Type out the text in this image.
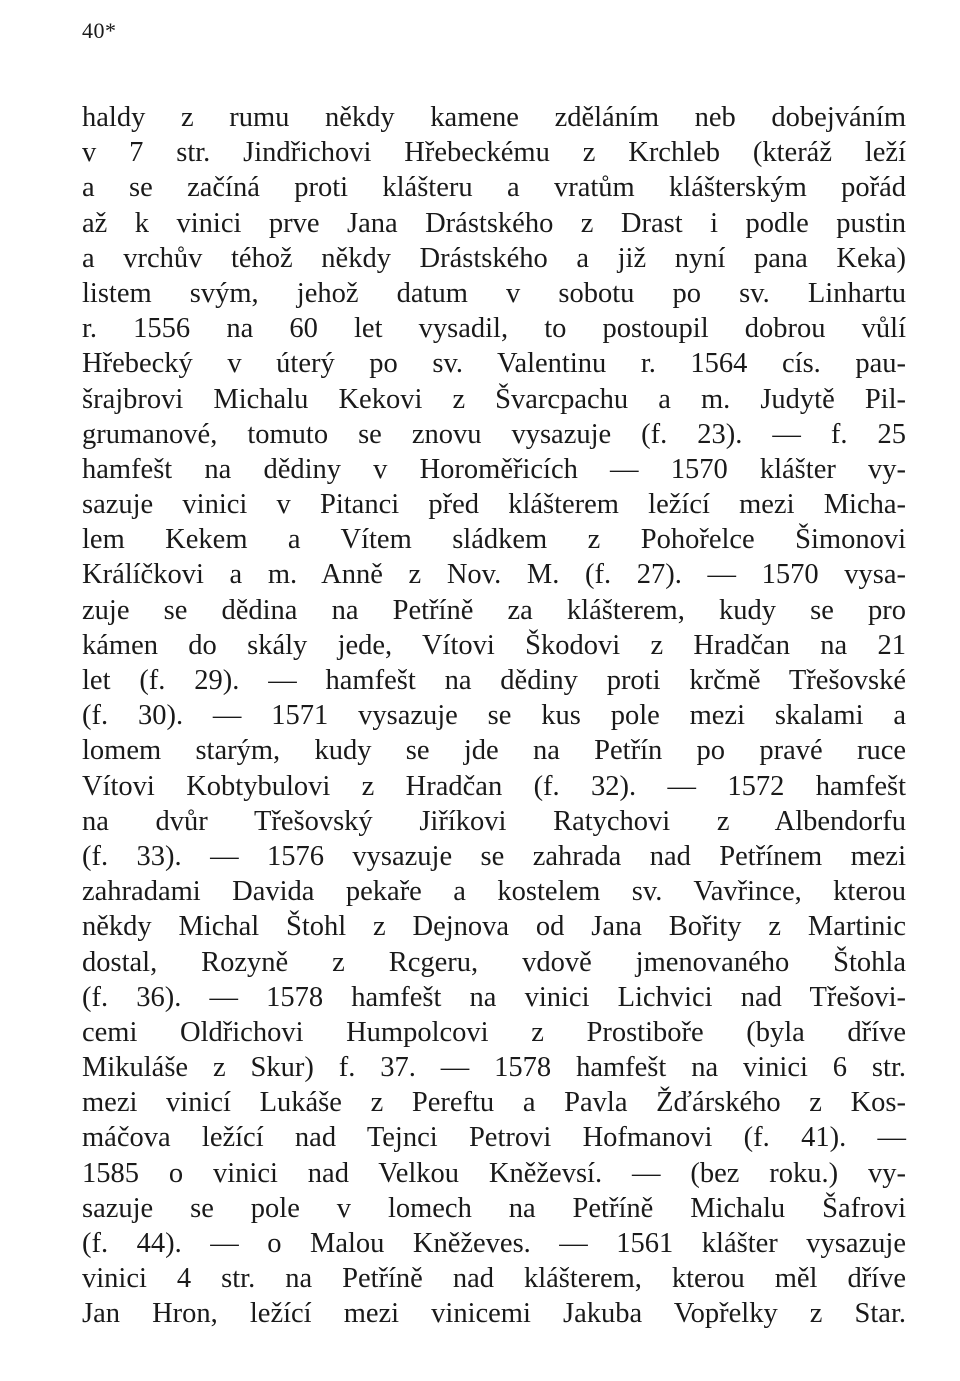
40*
haldy z rumu někdy kamene zděláním neb dobejváním
v 7 str. Jindřichovi Hřebeckému z Krchleb (kteráž leží
a se začíná proti klášteru a vratům klášterským pořád
až k vinici prve Jana Drástského z Drast i podle pustin
a vrchův téhož někdy Drástského a již nyní pana Keka)
listem svým, jehož datum v sobotu po sv. Linhartu
r. 1556 na 60 let vysadil, to postoupil dobrou vůlí
Hřebecký v úterý po sv. Valentinu r. 1564 cís. pau-
šrajbrovi Michalu Kekovi z Švarcpachu a m. Judytě Pil-
grumanové, tomuto se znovu vysazuje (f. 23). — f. 25
hamfešt na dědiny v Horoměřicích — 1570 klášter vy-
sazuje vinici v Pitanci před klášterem ležící mezi Micha-
lem Kekem a Vítem sládkem z Pohořelce Šimonovi
Králíčkovi a m. Anně z Nov. M. (f. 27). — 1570 vysa-
zuje se dědina na Petříně za klášterem, kudy se pro
kámen do skály jede, Vítovi Škodovi z Hradčan na 21
let (f. 29). — hamfešt na dědiny proti krčmě Třešovské
(f. 30). — 1571 vysazuje se kus pole mezi skalami a
lomem starým, kudy se jde na Petřín po pravé ruce
Vítovi Kobtybulovi z Hradčan (f. 32). — 1572 hamfešt
na dvůr Třešovský Jiříkovi Ratychovi z Albendorfu
(f. 33). — 1576 vysazuje se zahrada nad Petřínem mezi
zahradami Davida pekaře a kostelem sv. Vavřince, kterou
někdy Michal Štohl z Dejnova od Jana Bořity z Martinic
dostal, Rozyně z Rcgeru, vdově jmenovaného Štohla
(f. 36). — 1578 hamfešt na vinici Lichvici nad Třešovi-
cemi Oldřichovi Humpolcovi z Prostiboře (byla dříve
Mikuláše z Skur) f. 37. — 1578 hamfešt na vinici 6 str.
mezi vinicí Lukáše z Pereftu a Pavla Žďárského z Kos-
máčova ležící nad Tejnci Petrovi Hofmanovi (f. 41). —
1585 o vinici nad Velkou Kněževsí. — (bez roku.) vy-
sazuje se pole v lomech na Petříně Michalu Šafrovi
(f. 44). — o Malou Kněževes. — 1561 klášter vysazuje
vinici 4 str. na Petříně nad klášterem, kterou měl dříve
Jan Hron, ležící mezi vinicemi Jakuba Vopřelky z Star.
